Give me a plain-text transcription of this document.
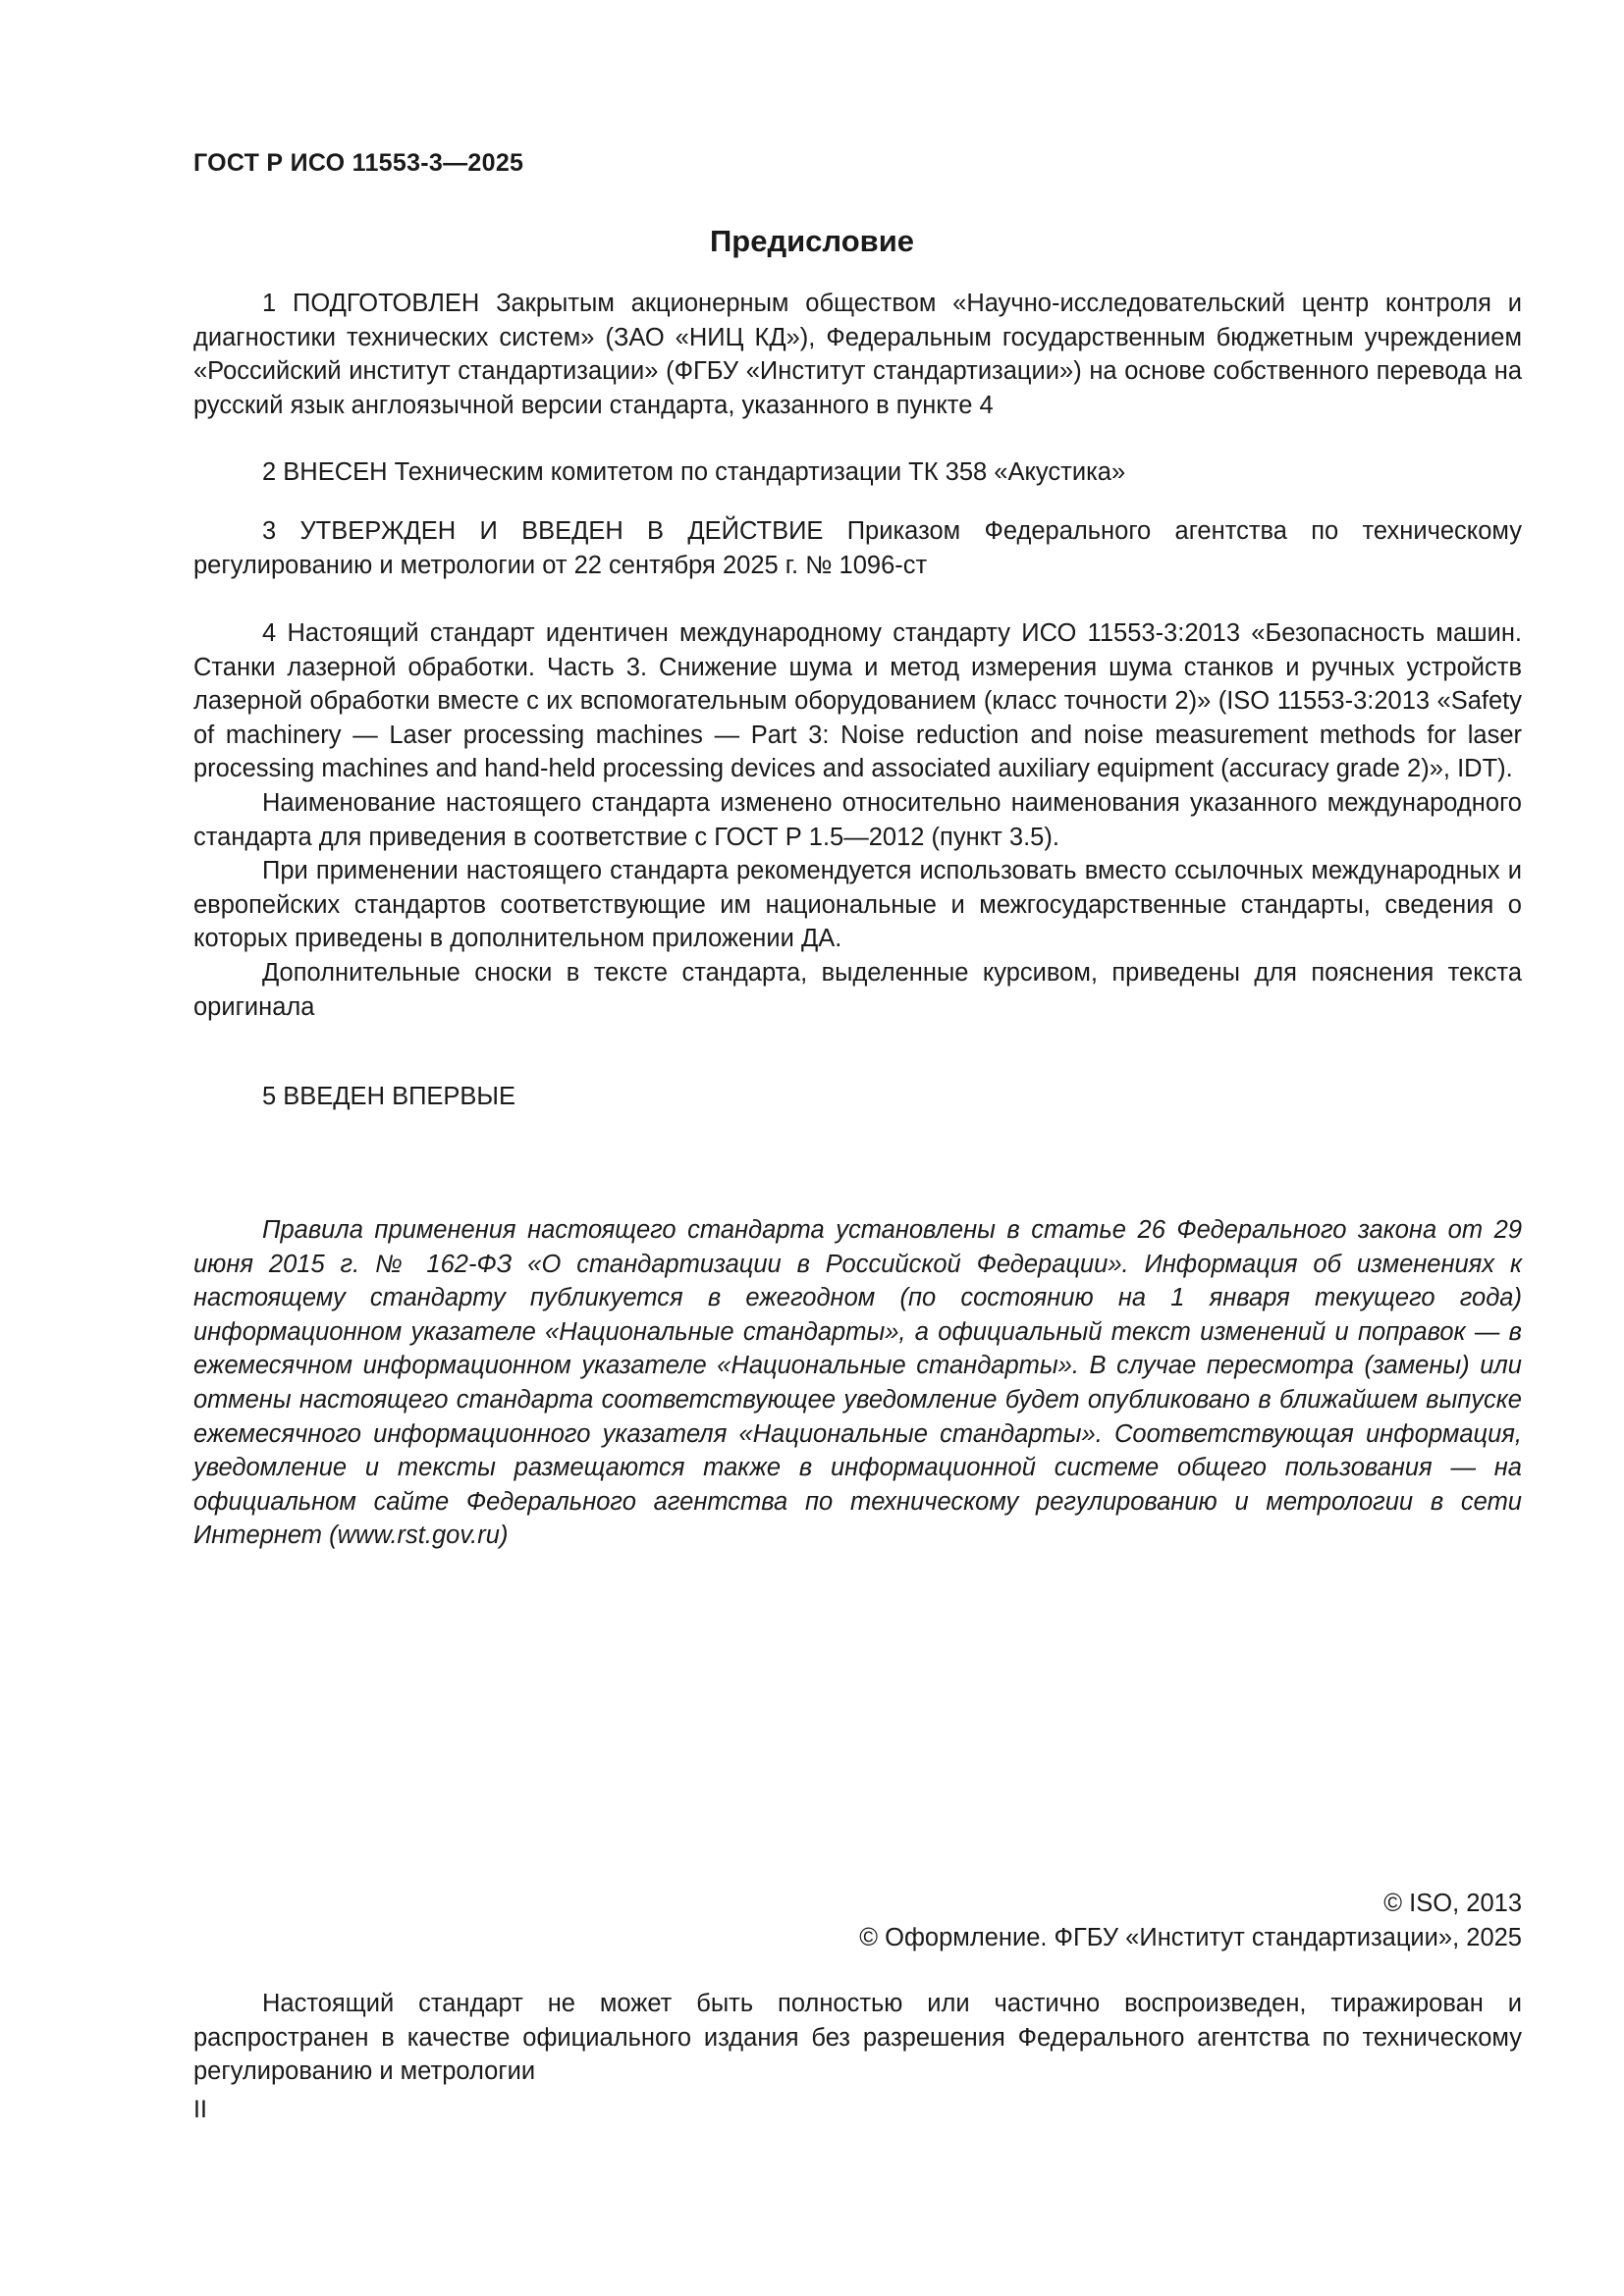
ГОСТ Р ИСО 11553-3—2025
Предисловие

1 ПОДГОТОВЛЕН Закрытым акционерным обществом «Научно-исследовательский центр контроля и диагностики технических систем» (ЗАО «НИЦ КД»), Федеральным государственным бюджетным учреждением «Российский институт стандартизации» (ФГБУ «Институт стандартизации») на основе собственного перевода на русский язык англоязычной версии стандарта, указанного в пункте 4

2 ВНЕСЕН Техническим комитетом по стандартизации ТК 358 «Акустика»

3 УТВЕРЖДЕН И ВВЕДЕН В ДЕЙСТВИЕ Приказом Федерального агентства по техническому регулированию и метрологии от 22 сентября 2025 г. № 1096-ст

4 Настоящий стандарт идентичен международному стандарту ИСО 11553-3:2013 «Безопасность машин. Станки лазерной обработки. Часть 3. Снижение шума и метод измерения шума станков и ручных устройств лазерной обработки вместе с их вспомогательным оборудованием (класс точности 2)» (ISO 11553-3:2013 «Safety of machinery — Laser processing machines — Part 3: Noise reduction and noise measurement methods for laser processing machines and hand-held processing devices and associated auxiliary equipment (accuracy grade 2)», IDT).

Наименование настоящего стандарта изменено относительно наименования указанного международного стандарта для приведения в соответствие с ГОСТ Р 1.5—2012 (пункт 3.5).

При применении настоящего стандарта рекомендуется использовать вместо ссылочных международных и европейских стандартов соответствующие им национальные и межгосударственные стандарты, сведения о которых приведены в дополнительном приложении ДА.

Дополнительные сноски в тексте стандарта, выделенные курсивом, приведены для пояснения текста оригинала

5 ВВЕДЕН ВПЕРВЫЕ

Правила применения настоящего стандарта установлены в статье 26 Федерального закона от 29 июня 2015 г. № 162-ФЗ «О стандартизации в Российской Федерации». Информация об изменениях к настоящему стандарту публикуется в ежегодном (по состоянию на 1 января текущего года) информационном указателе «Национальные стандарты», а официальный текст изменений и поправок — в ежемесячном информационном указателе «Национальные стандарты». В случае пересмотра (замены) или отмены настоящего стандарта соответствующее уведомление будет опубликовано в ближайшем выпуске ежемесячного информационного указателя «Национальные стандарты». Соответствующая информация, уведомление и тексты размещаются также в информационной системе общего пользования — на официальном сайте Федерального агентства по техническому регулированию и метрологии в сети Интернет (www.rst.gov.ru)

© ISO, 2013
© Оформление. ФГБУ «Институт стандартизации», 2025

Настоящий стандарт не может быть полностью или частично воспроизведен, тиражирован и распространен в качестве официального издания без разрешения Федерального агентства по техническому регулированию и метрологии

II
